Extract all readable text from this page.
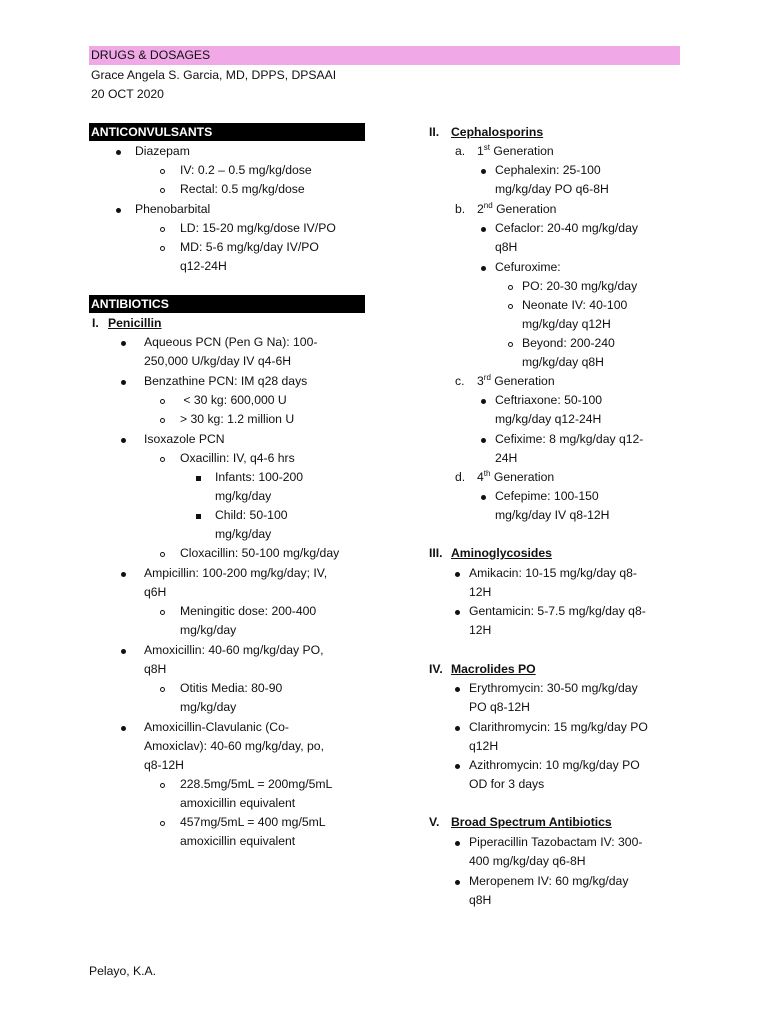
DRUGS & DOSAGES
Grace Angela S. Garcia, MD, DPPS, DPSAAI
20 OCT 2020
ANTICONVULSANTS
Diazepam
IV: 0.2 – 0.5 mg/kg/dose
Rectal: 0.5 mg/kg/dose
Phenobarbital
LD: 15-20 mg/kg/dose IV/PO
MD: 5-6 mg/kg/day IV/PO
q12-24H
ANTIBIOTICS
I. Penicillin
Aqueous PCN (Pen G Na): 100-
250,000 U/kg/day IV q4-6H
Benzathine PCN: IM q28 days
< 30 kg: 600,000 U
> 30 kg: 1.2 million U
Isoxazole PCN
Oxacillin: IV, q4-6 hrs
Infants: 100-200
mg/kg/day
Child: 50-100
mg/kg/day
Cloxacillin: 50-100 mg/kg/day
Ampicillin: 100-200 mg/kg/day; IV,
q6H
Meningitic dose: 200-400
mg/kg/day
Amoxicillin: 40-60 mg/kg/day PO,
q8H
Otitis Media: 80-90
mg/kg/day
Amoxicillin-Clavulanic (Co-
Amoxiclav): 40-60 mg/kg/day, po,
q8-12H
228.5mg/5mL = 200mg/5mL
amoxicillin equivalent
457mg/5mL = 400 mg/5mL
amoxicillin equivalent
II. Cephalosporins
a. 1st Generation
Cephalexin: 25-100
mg/kg/day PO q6-8H
b. 2nd Generation
Cefaclor: 20-40 mg/kg/day
q8H
Cefuroxime:
PO: 20-30 mg/kg/day
Neonate IV: 40-100
mg/kg/day q12H
Beyond: 200-240
mg/kg/day q8H
c. 3rd Generation
Ceftriaxone: 50-100
mg/kg/day q12-24H
Cefixime: 8 mg/kg/day q12-
24H
d. 4th Generation
Cefepime: 100-150
mg/kg/day IV q8-12H
III. Aminoglycosides
Amikacin: 10-15 mg/kg/day q8-
12H
Gentamicin: 5-7.5 mg/kg/day q8-
12H
IV. Macrolides PO
Erythromycin: 30-50 mg/kg/day
PO q8-12H
Clarithromycin: 15 mg/kg/day PO
q12H
Azithromycin: 10 mg/kg/day PO
OD for 3 days
V. Broad Spectrum Antibiotics
Piperacillin Tazobactam IV: 300-
400 mg/kg/day q6-8H
Meropenem IV: 60 mg/kg/day
q8H
Pelayo, K.A.
